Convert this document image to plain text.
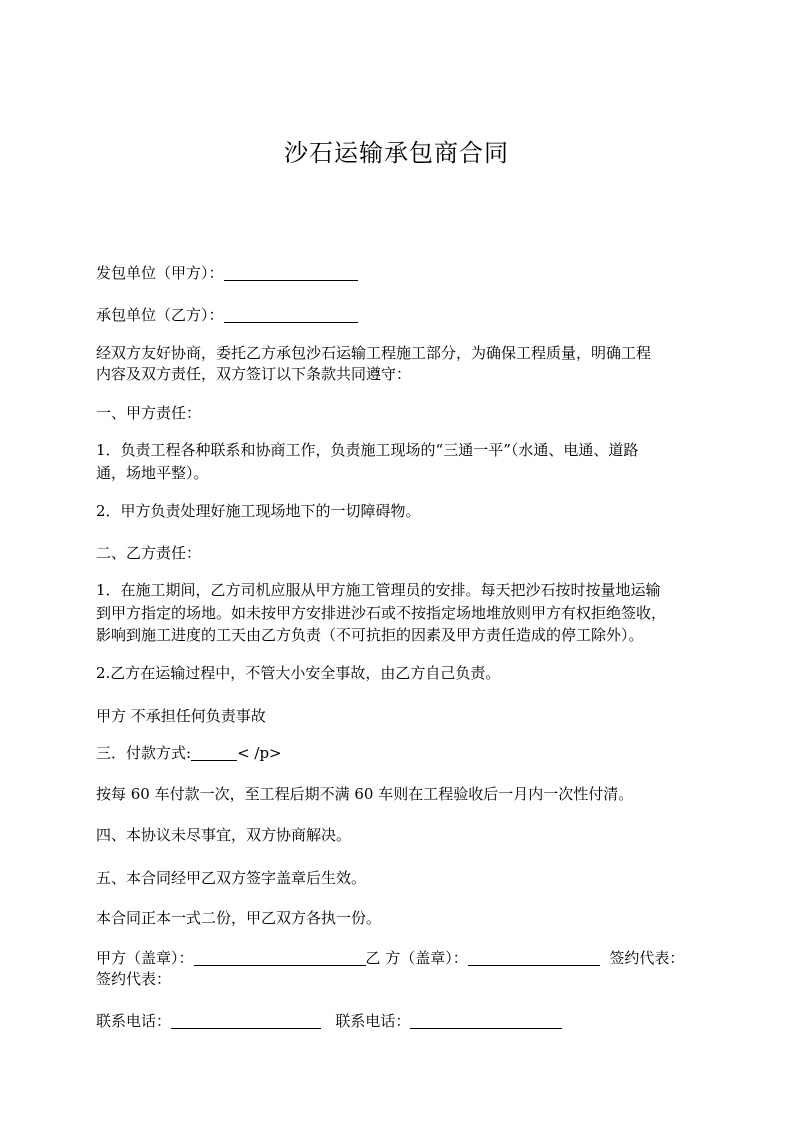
沙石运输承包商合同
发包单位（甲方）：
承包单位（乙方）：
经双方友好协商，委托乙方承包沙石运输工程施工部分，为确保工程质量，明确工程
内容及双方责任，双方签订以下条款共同遵守：
一、甲方责任：
1．负责工程各种联系和协商工作，负责施工现场的“三通一平”（水通、电通、道路
通，场地平整）。
2．甲方负责处理好施工现场地下的一切障碍物。
二、乙方责任：
1．在施工期间，乙方司机应服从甲方施工管理员的安排。每天把沙石按时按量地运输
到甲方指定的场地。如未按甲方安排进沙石或不按指定场地堆放则甲方有权拒绝签收，
影响到施工进度的工天由乙方负责（不可抗拒的因素及甲方责任造成的停工除外）。
2.乙方在运输过程中，不管大小安全事故，由乙方自己负责。
甲方 不承担任何负责事故
三．付款方式:	< /p>
按每 60 车付款一次，至工程后期不满 60 车则在工程验收后一月内一次性付清。
四、本协议未尽事宜，双方协商解决。
五、本合同经甲乙双方签字盖章后生效。
本合同正本一式二份，甲乙双方各执一份。
甲方（盖章）：	乙 方（盖章）：	签约代表：
签约代表：
联系电话：	联系电话：
